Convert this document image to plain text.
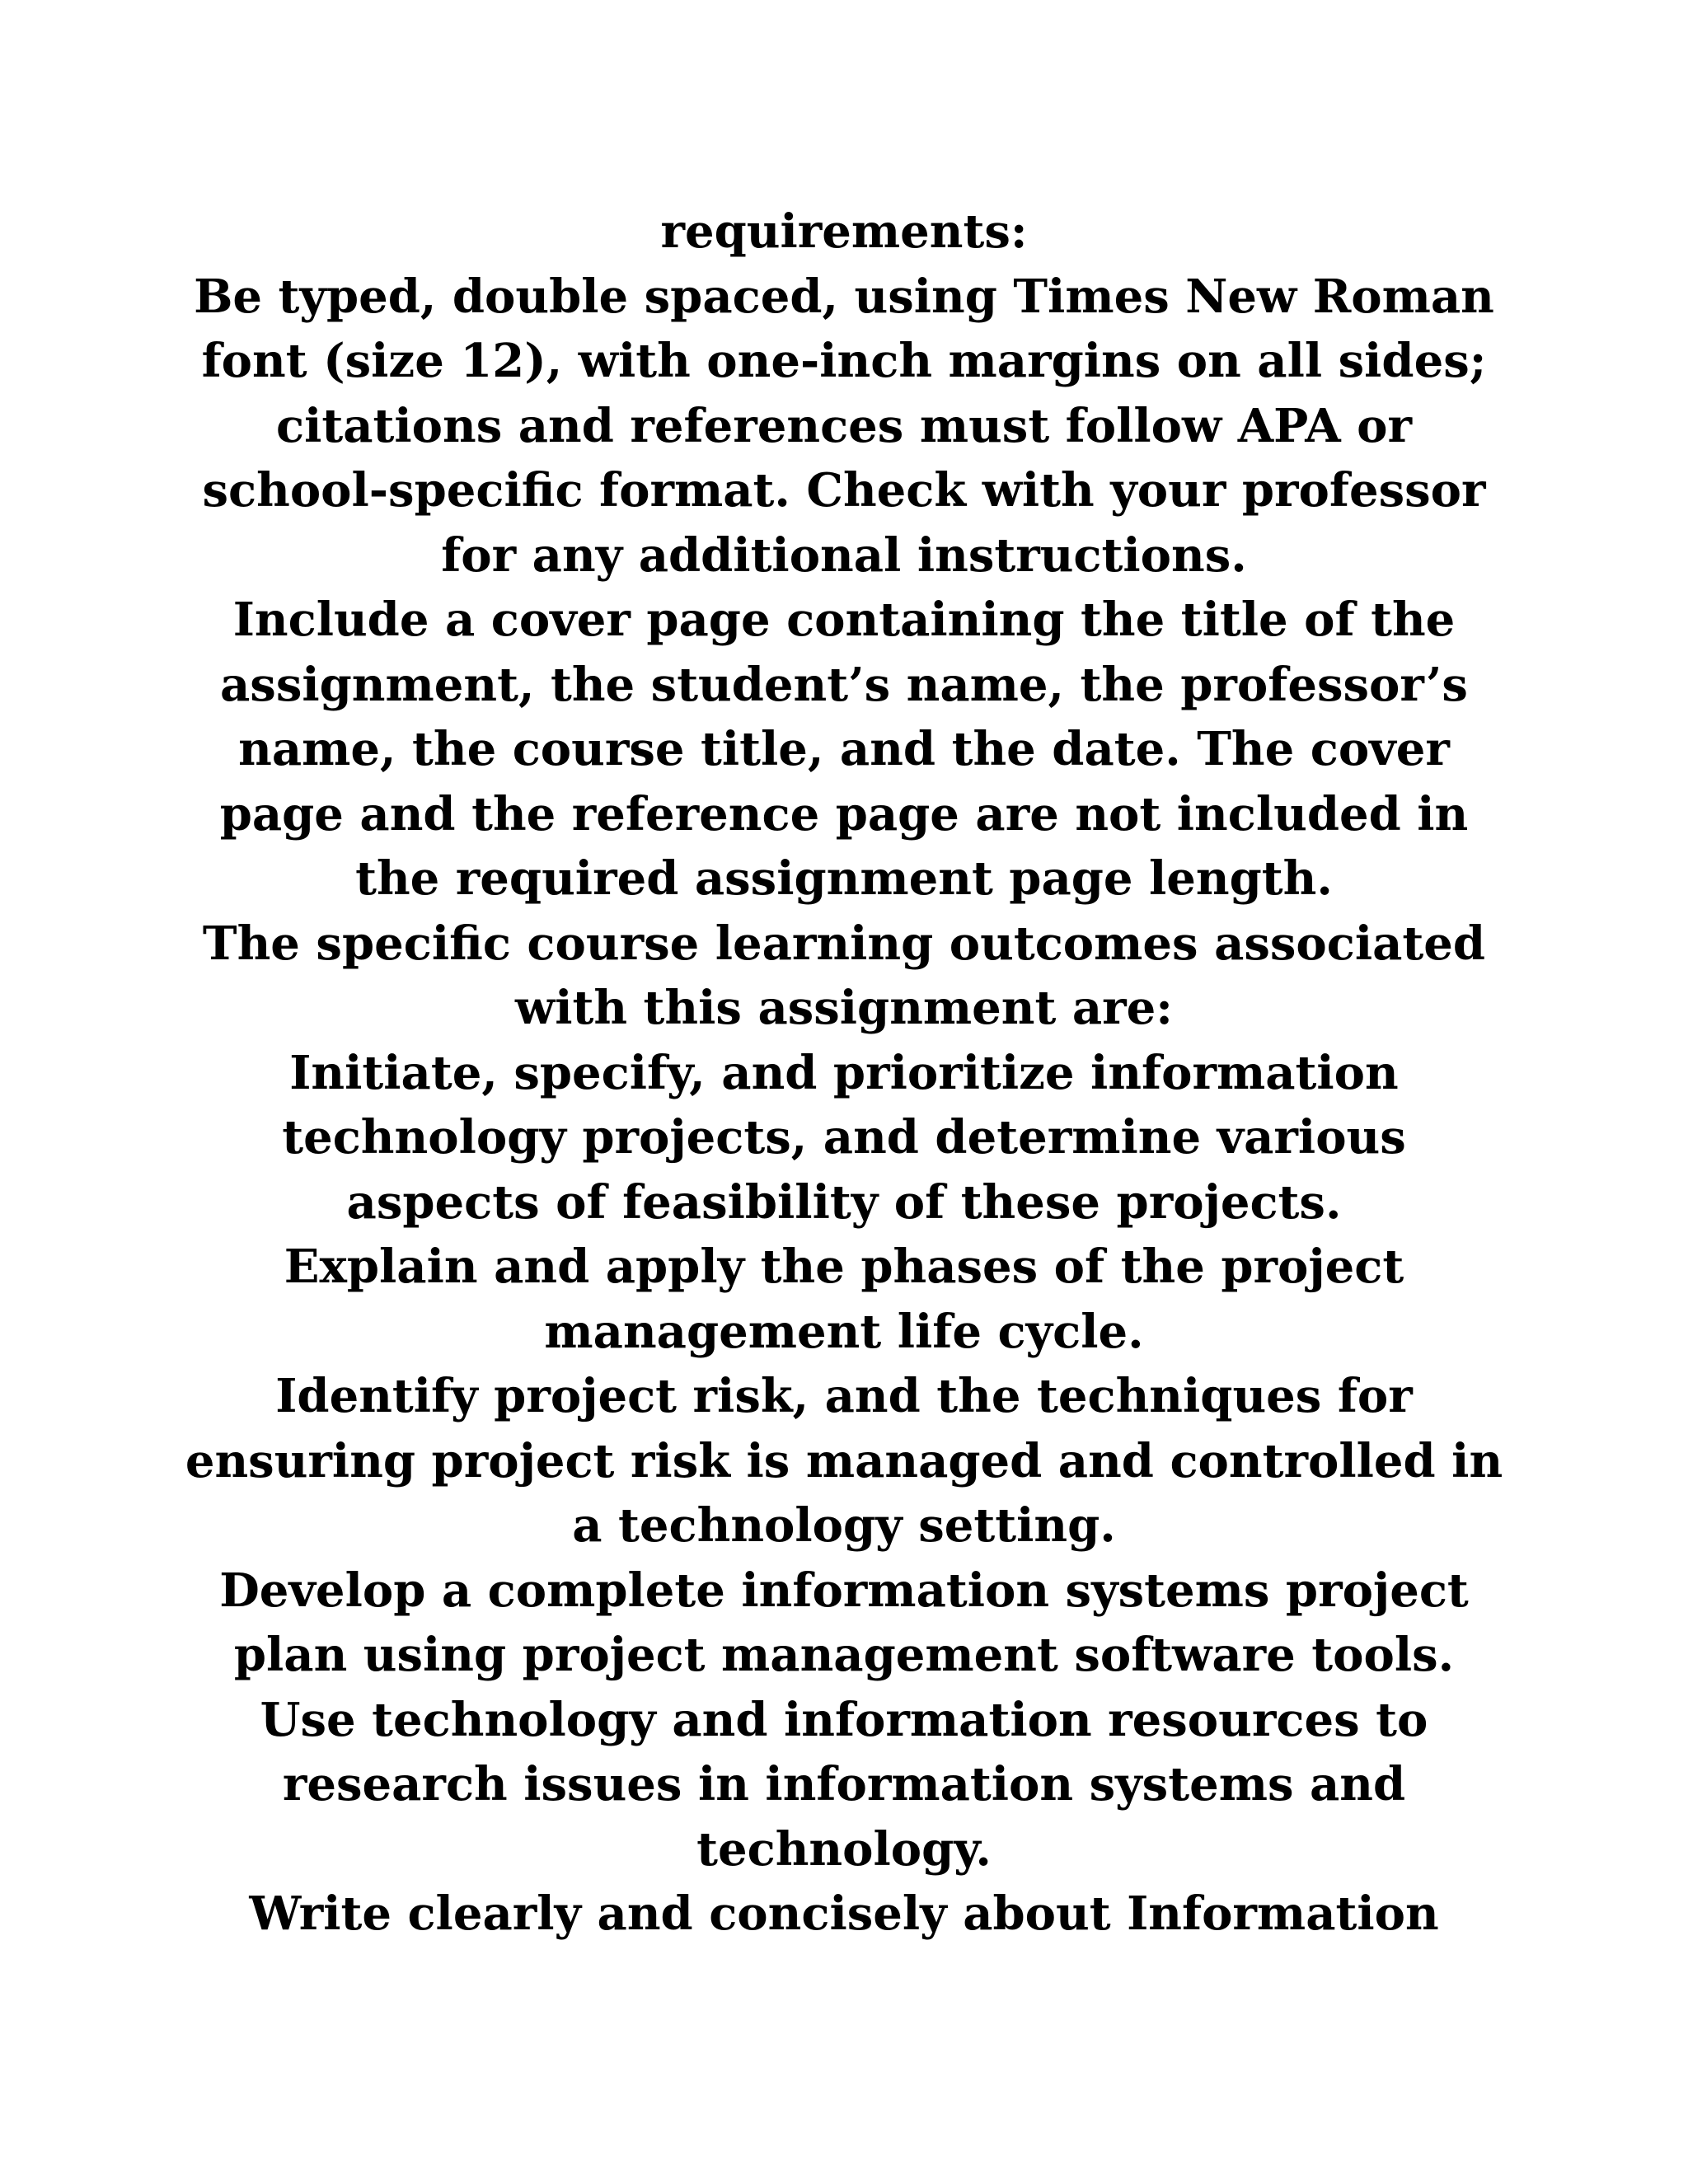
requirements:
Be typed, double spaced, using Times New Roman
font (size 12), with one-inch margins on all sides;
citations and references must follow APA or
school-specific format. Check with your professor
for any additional instructions.
Include a cover page containing the title of the
assignment, the student’s name, the professor’s
name, the course title, and the date. The cover
page and the reference page are not included in
the required assignment page length.
The specific course learning outcomes associated
with this assignment are:
Initiate, specify, and prioritize information
technology projects, and determine various
aspects of feasibility of these projects.
Explain and apply the phases of the project
management life cycle.
Identify project risk, and the techniques for
ensuring project risk is managed and controlled in
a technology setting.
Develop a complete information systems project
plan using project management software tools.
Use technology and information resources to
research issues in information systems and
technology.
Write clearly and concisely about Information
